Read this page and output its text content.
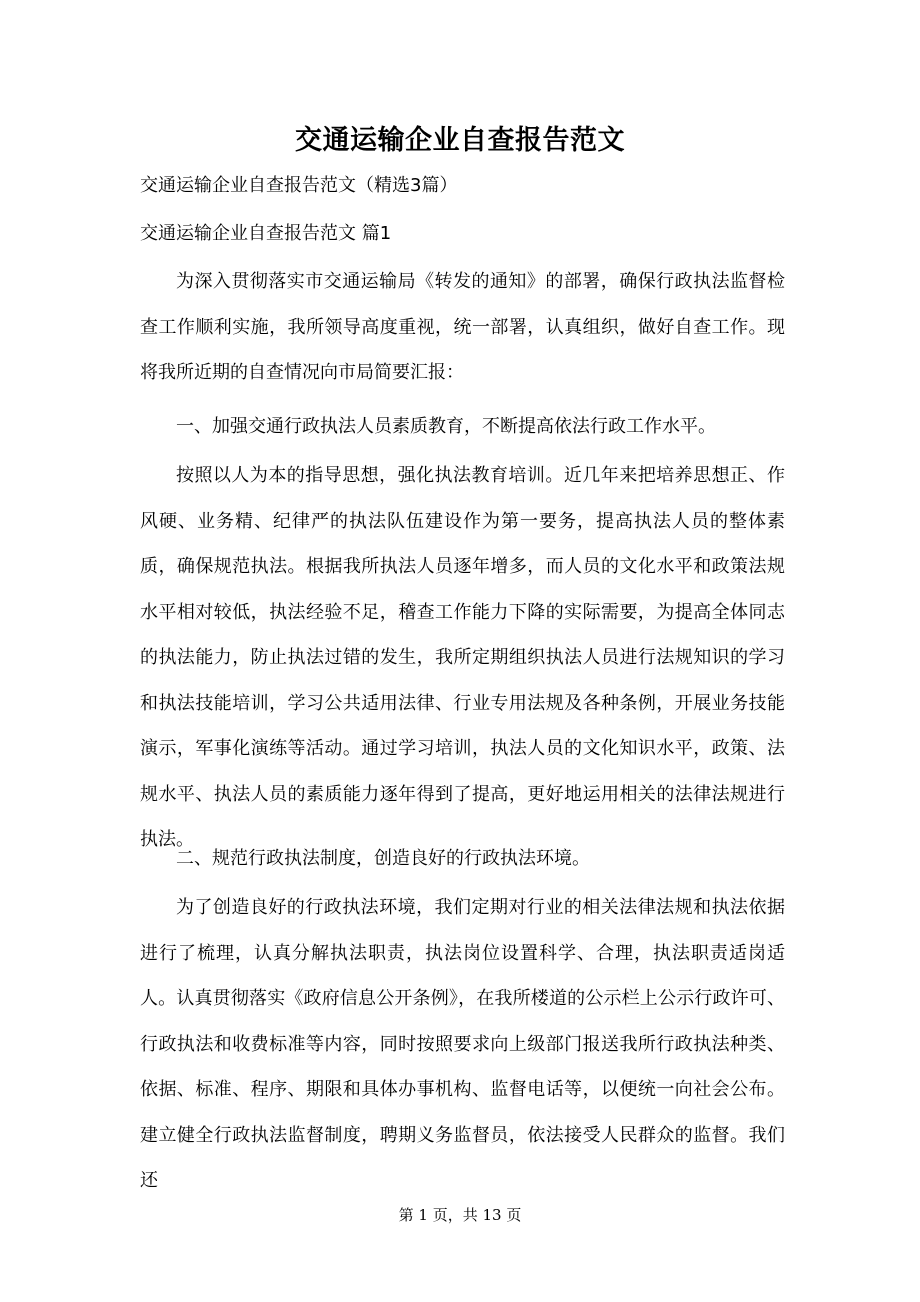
交通运输企业自查报告范文
交通运输企业自查报告范文（精选3篇）
交通运输企业自查报告范文 篇1
为深入贯彻落实市交通运输局《转发的通知》的部署，确保行政执法监督检查工作顺利实施，我所领导高度重视，统一部署，认真组织，做好自查工作。现将我所近期的自查情况向市局简要汇报：
一、加强交通行政执法人员素质教育，不断提高依法行政工作水平。
按照以人为本的指导思想，强化执法教育培训。近几年来把培养思想正、作风硬、业务精、纪律严的执法队伍建设作为第一要务，提高执法人员的整体素质，确保规范执法。根据我所执法人员逐年增多，而人员的文化水平和政策法规水平相对较低，执法经验不足，稽查工作能力下降的实际需要，为提高全体同志的执法能力，防止执法过错的发生，我所定期组织执法人员进行法规知识的学习和执法技能培训，学习公共适用法律、行业专用法规及各种条例，开展业务技能演示，军事化演练等活动。通过学习培训，执法人员的文化知识水平，政策、法规水平、执法人员的素质能力逐年得到了提高，更好地运用相关的法律法规进行执法。
二、规范行政执法制度，创造良好的行政执法环境。
为了创造良好的行政执法环境，我们定期对行业的相关法律法规和执法依据进行了梳理，认真分解执法职责，执法岗位设置科学、合理，执法职责适岗适人。认真贯彻落实《政府信息公开条例》，在我所楼道的公示栏上公示行政许可、行政执法和收费标准等内容，同时按照要求向上级部门报送我所行政执法种类、依据、标准、程序、期限和具体办事机构、监督电话等，以便统一向社会公布。建立健全行政执法监督制度，聘期义务监督员，依法接受人民群众的监督。我们还
第 1 页，共 13 页
